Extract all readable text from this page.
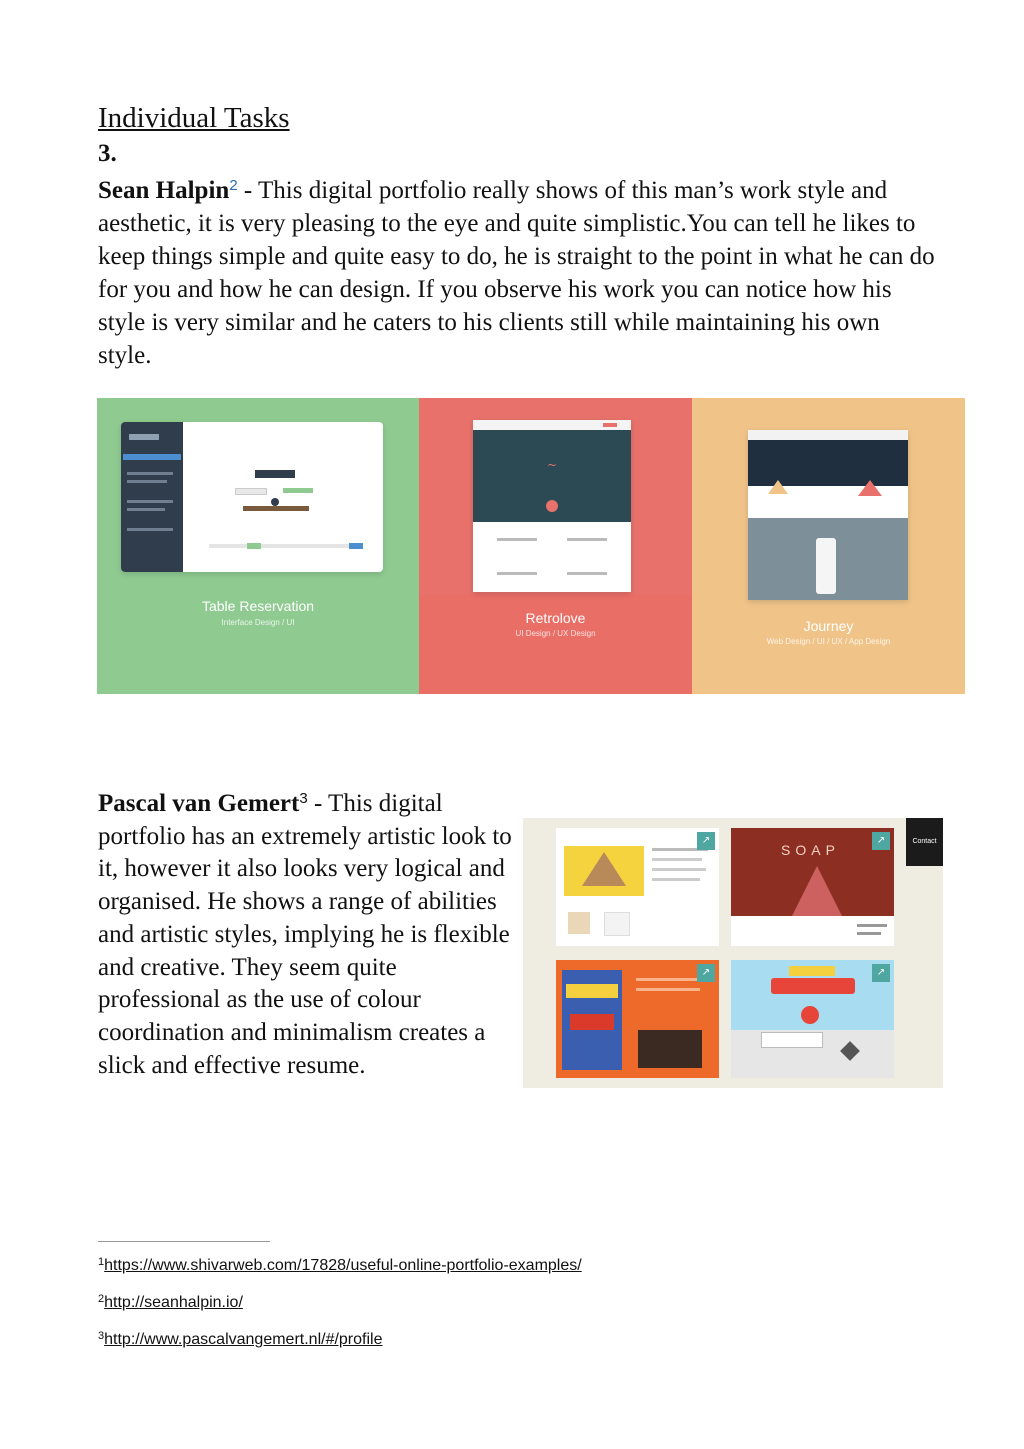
Individual Tasks
3.
Sean Halpin$^2$ - This digital portfolio really shows of this man’s work style and aesthetic, it is very pleasing to the eye and quite simplistic.You can tell he likes to keep things simple and quite easy to do, he is straight to the point in what he can do for you and how he can design. If you observe his work you can notice how his style is very similar and he caters to his clients still while maintaining his own style.
Table Reservation
Interface Design / UI
~
Retrolove
UI Design / UX Design	Journey
Web Design / UI / UX / App Design
Pascal van Gemert$^3$ - This digital portfolio has an extremely artistic look to it, however it also looks very logical and organised. He shows a range of abilities and artistic styles, implying he is flexible and creative. They seem quite professional as the use of colour coordination and minimalism creates a slick and effective resume.
↗
SOAP
↗
↗	↗
Contact
$^1$https://www.shivarweb.com/17828/useful-online-portfolio-examples/
$^2$http://seanhalpin.io/
$^3$http://www.pascalvangemert.nl/#/profile
